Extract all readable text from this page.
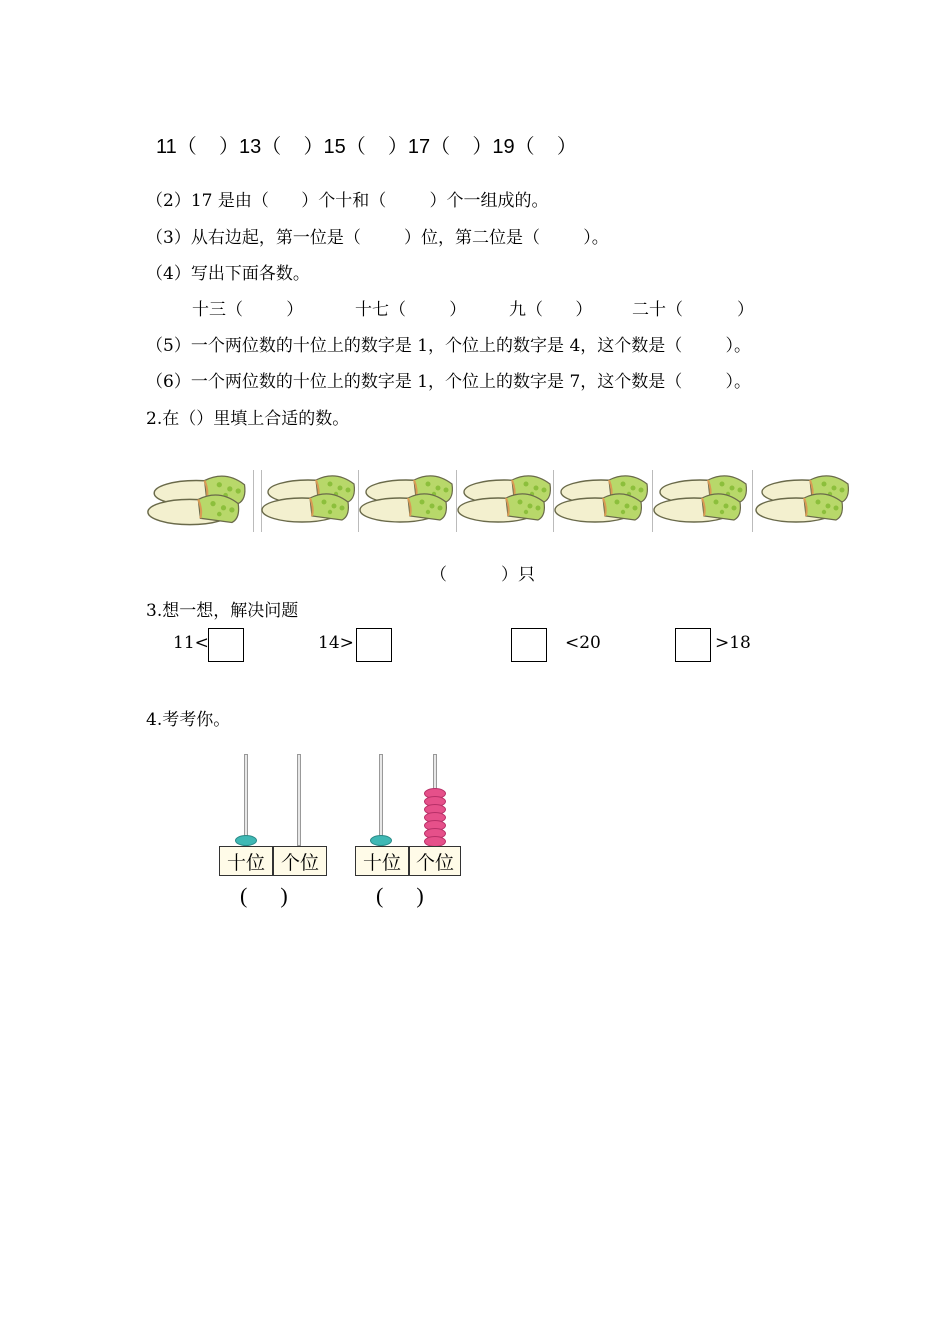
11（    ）13（    ）15（    ）17（    ）19（    ）
（2）17 是由（      ）个十和（        ）个一组成的。
（3）从右边起，第一位是（        ）位，第二位是（        ）。
（4）写出下面各数。
十三（        ）	十七（        ）	九（      ） 二十（          ）
（5）一个两位数的十位上的数字是 1，个位上的数字是 4，这个数是（        ）。
（6）一个两位数的十位上的数字是 1，个位上的数字是 7，这个数是（        ）。
2.在（）里填上合适的数。
（          ）只
3.想一想，解决问题
11<	14>	<20	>18
4.考考你。
十位 个位
(      )
十位 个位
(      )
